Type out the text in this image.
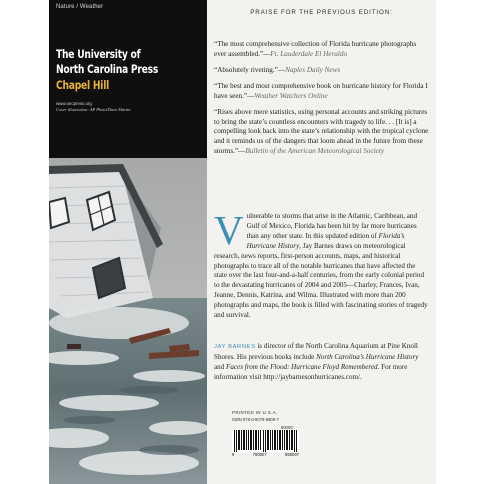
Nature / Weather
The University of
North Carolina Press
Chapel Hill
www.uncpress.org
Cover illustration: AP Photo/Dave Martin
PRAISE FOR THE PREVIOUS EDITION:

“The most comprehensive collection of Florida hurricane photographs ever assembled.”—Ft. Lauderdale El Heraldo

“Absolutely riveting.”—Naples Daily News

“The best and most comprehensive book on hurricane history for Florida I have seen.”—Weather Watchers Online

“Rises above mere statistics, using personal accounts and striking pictures to bring the state’s countless encounters with tragedy to life. . . [It is] a compelling look back into the state’s relationship with the tropical cyclone and it reminds us of the dangers that loom ahead in the future from these storms.”—Bulletin of the American Meteorological Society

Vulnerable to storms that arise in the Atlantic, Caribbean, and Gulf of Mexico, Florida has been hit by far more hurricanes than any other state. In this updated edition of Florida’s Hurricane History, Jay Barnes draws on meteorological research, news reports, first-person accounts, maps, and historical photographs to trace all of the notable hurricanes that have affected the state over the last four-and-a-half centuries, from the early colonial period to the devastating hurricanes of 2004 and 2005—Charley, Frances, Ivan, Jeanne, Dennis, Katrina, and Wilma. Illustrated with more than 200 photographs and maps, the book is filled with fascinating stories of tragedy and survival.

JAY BARNES is director of the North Carolina Aquarium at Pine Knoll Shores. His previous books include North Carolina’s Hurricane History and Faces from the Flood: Hurricane Floyd Remembered. For more information visit http://jaybarnesonhurricanes.com/.

PRINTED IN U.S.A.
ISBN 978-0-8078-5809-7
90000
9	780807	858097
